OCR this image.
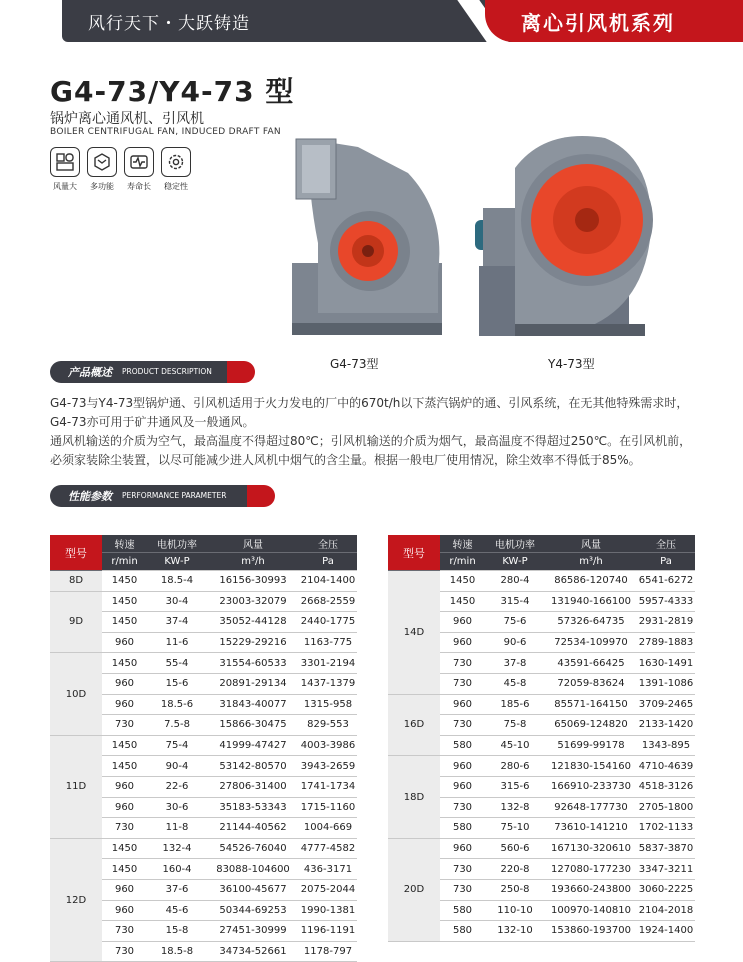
风行天下・大跃铸造	离心引风机系列
G4-73/Y4-73 型
锅炉离心通风机、引风机
BOILER CENTRIFUGAL FAN, INDUCED DRAFT FAN
风量大	多功能	寿命长	稳定性
G4-73型	Y4-73型
产品概述 PRODUCT DESCRIPTION

G4-73与Y4-73型锅炉通、引风机适用于火力发电的厂中的670t/h以下蒸汽锅炉的通、引风系统，在无其他特殊需求时，G4-73亦可用于矿井通风及一般通风。

通风机输送的介质为空气，最高温度不得超过80℃；引风机输送的介质为烟气，最高温度不得超过250℃。在引风机前，必须家装除尘装置，以尽可能减少进人风机中烟气的含尘量。根据一般电厂使用情况，除尘效率不得低于85%。

性能参数 PERFORMANCE PARAMETER
型号	转速	电机功率	风量	全压
	r/min	KW-P	m³/h	Pa
8D	1450	18.5-4	16156-30993	2104-1400
9D	1450	30-4	23003-32079	2668-2559
	1450	37-4	35052-44128	2440-1775
	960	11-6	15229-29216	1163-775
10D	1450	55-4	31554-60533	3301-2194
	960	15-6	20891-29134	1437-1379
	960	18.5-6	31843-40077	1315-958
	730	7.5-8	15866-30475	829-553
11D	1450	75-4	41999-47427	4003-3986
	1450	90-4	53142-80570	3943-2659
	960	22-6	27806-31400	1741-1734
	960	30-6	35183-53343	1715-1160
	730	11-8	21144-40562	1004-669
12D	1450	132-4	54526-76040	4777-4582
	1450	160-4	83088-104600	436-3171
	960	37-6	36100-45677	2075-2044
	960	45-6	50344-69253	1990-1381
	730	15-8	27451-30999	1196-1191
	730	18.5-8	34734-52661	1178-797
型号	转速	电机功率	风量	全压
	r/min	KW-P	m³/h	Pa
14D	1450	280-4	86586-120740	6541-6272
	1450	315-4	131940-166100	5957-4333
	960	75-6	57326-64735	2931-2819
	960	90-6	72534-109970	2789-1883
	730	37-8	43591-66425	1630-1491
	730	45-8	72059-83624	1391-1086
16D	960	185-6	85571-164150	3709-2465
	730	75-8	65069-124820	2133-1420
	580	45-10	51699-99178	1343-895
18D	960	280-6	121830-154160	4710-4639
	960	315-6	166910-233730	4518-3126
	730	132-8	92648-177730	2705-1800
	580	75-10	73610-141210	1702-1133
20D	960	560-6	167130-320610	5837-3870
	730	220-8	127080-177230	3347-3211
	730	250-8	193660-243800	3060-2225
	580	110-10	100970-140810	2104-2018
	580	132-10	153860-193700	1924-1400
